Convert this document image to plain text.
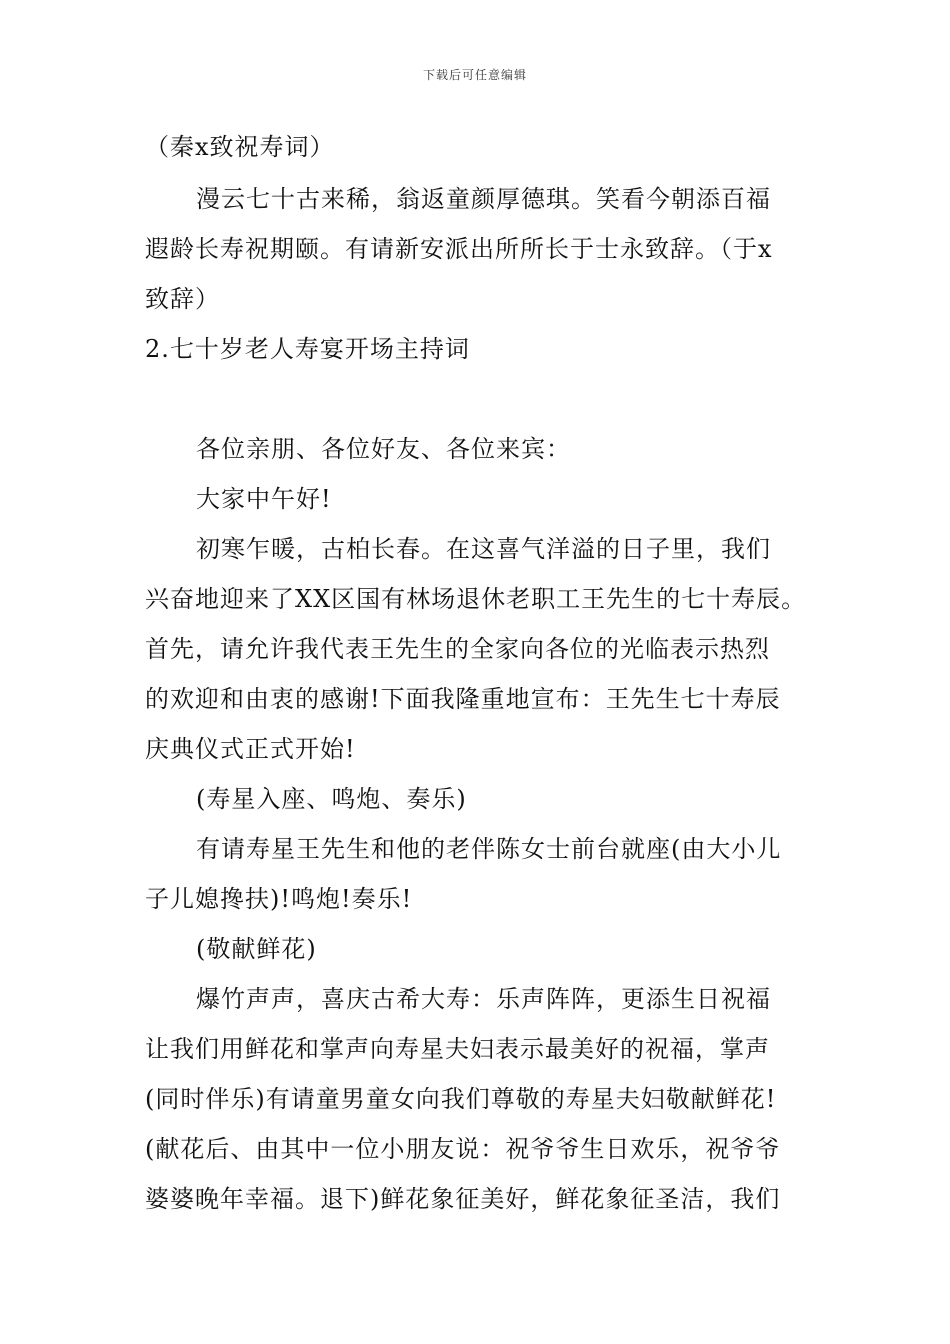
下载后可任意编辑
（秦x致祝寿词）
漫云七十古来稀，翁返童颜厚德琪。笑看今朝添百福
遐龄长寿祝期颐。有请新安派出所所长于士永致辞。（于x
致辞）
2.七十岁老人寿宴开场主持词
各位亲朋、各位好友、各位来宾：
大家中午好!
初寒乍暖，古柏长春。在这喜气洋溢的日子里，我们
兴奋地迎来了XX区国有林场退休老职工王先生的七十寿辰。
首先，请允许我代表王先生的全家向各位的光临表示热烈
的欢迎和由衷的感谢!下面我隆重地宣布：王先生七十寿辰
庆典仪式正式开始!
(寿星入座、鸣炮、奏乐)
有请寿星王先生和他的老伴陈女士前台就座(由大小儿
子儿媳搀扶)!鸣炮!奏乐!
(敬献鲜花)
爆竹声声，喜庆古希大寿：乐声阵阵，更添生日祝福
让我们用鲜花和掌声向寿星夫妇表示最美好的祝福，掌声
(同时伴乐)有请童男童女向我们尊敬的寿星夫妇敬献鲜花!
(献花后、由其中一位小朋友说：祝爷爷生日欢乐，祝爷爷
婆婆晚年幸福。退下)鲜花象征美好，鲜花象征圣洁，我们
